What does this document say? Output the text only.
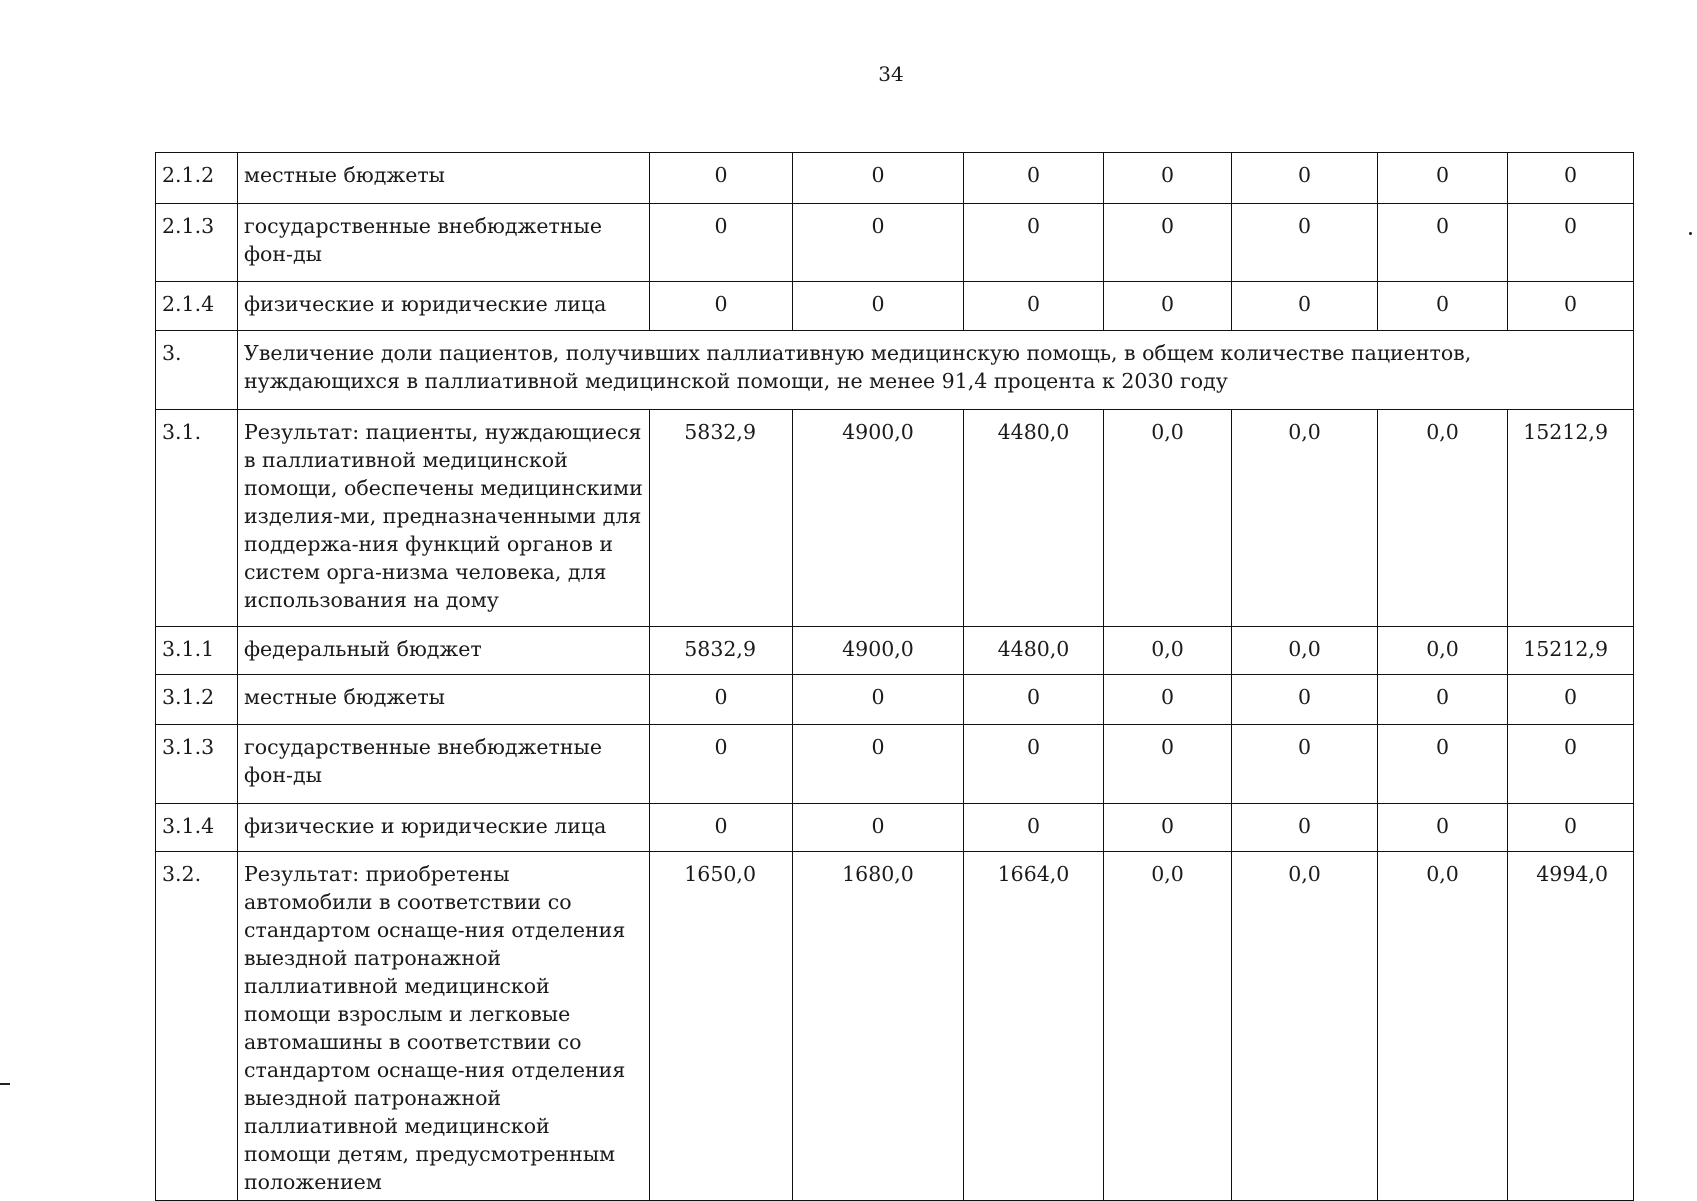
34
2.1.2	местные бюджеты	0	0	0	0	0	0	0
2.1.3	государственные внебюджетные фон-ды	0	0	0	0	0	0	0
2.1.4	физические и юридические лица	0	0	0	0	0	0	0
3.	Увеличение доли пациентов, получивших паллиативную медицинскую помощь, в общем количестве пациентов, нуждающихся в паллиативной медицинской помощи, не менее 91,4 процента к 2030 году							
3.1.	Результат: пациенты, нуждающиеся в паллиативной медицинской помощи, обеспечены медицинскими изделия-ми, предназначенными для поддержа-ния функций органов и систем орга-низма человека, для использования на дому	5832,9	4900,0	4480,0	0,0	0,0	0,0	15212,9
3.1.1	федеральный бюджет	5832,9	4900,0	4480,0	0,0	0,0	0,0	15212,9
3.1.2	местные бюджеты	0	0	0	0	0	0	0
3.1.3	государственные внебюджетные фон-ды	0	0	0	0	0	0	0
3.1.4	физические и юридические лица	0	0	0	0	0	0	0
3.2.	Результат: приобретены автомобили в соответствии со стандартом оснаще-ния отделения выездной патронажной паллиативной медицинской помощи взрослым и легковые автомашины в соответствии со стандартом оснаще-ния отделения выездной патронажной паллиативной медицинской помощи детям, предусмотренным положением	1650,0	1680,0	1664,0	0,0	0,0	0,0	4994,0
